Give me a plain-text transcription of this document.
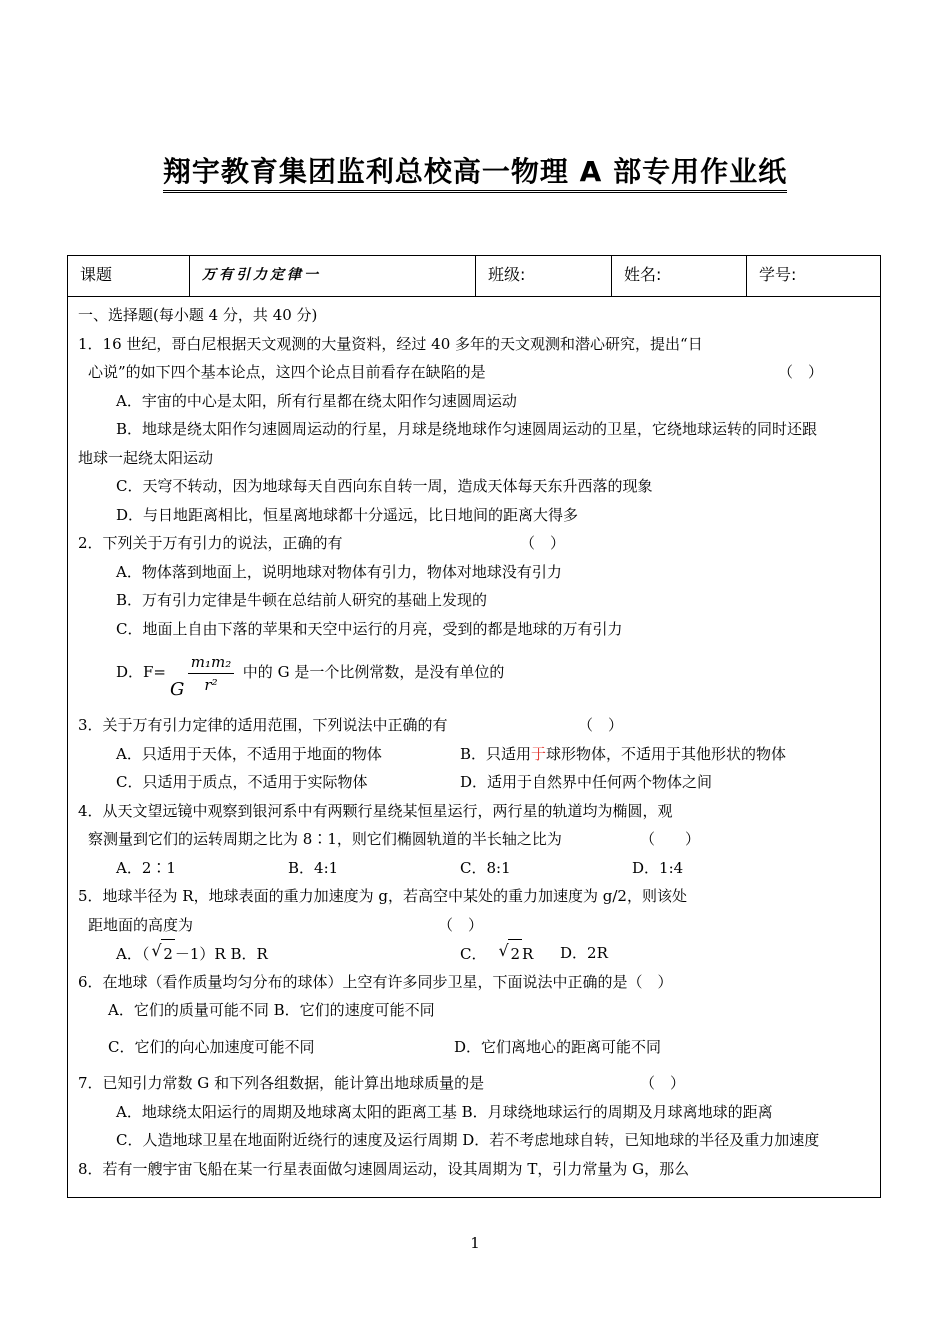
翔宇教育集团监利总校高一物理 A 部专用作业纸
课题	万有引力定律一	班级:	姓名:	学号:
一、选择题(每小题 4 分，共 40 分)
1．16 世纪，哥白尼根据天文观测的大量资料，经过 40 多年的天文观测和潜心研究，提出“日
心说”的如下四个基本论点，这四个论点目前看存在缺陷的是	（　）
A．宇宙的中心是太阳，所有行星都在绕太阳作匀速圆周运动
B．地球是绕太阳作匀速圆周运动的行星，月球是绕地球作匀速圆周运动的卫星，它绕地球运转的同时还跟
地球一起绕太阳运动
C．天穹不转动，因为地球每天自西向东自转一周，造成天体每天东升西落的现象
D．与日地距离相比，恒星离地球都十分遥远，比日地间的距离大得多
2．下列关于万有引力的说法，正确的有	（　）
A．物体落到地面上，说明地球对物体有引力，物体对地球没有引力
B．万有引力定律是牛顿在总结前人研究的基础上发现的
C．地面上自由下落的苹果和天空中运行的月亮，受到的都是地球的万有引力
D．F=
G $\frac{\text{m₁m₂}}{\text{r²}}$ 中的 G 是一个比例常数，是没有单位的
3．关于万有引力定律的适用范围，下列说法中正确的有	（　）
A．只适用于天体，不适用于地面的物体	B．只适用于球形物体，不适用于其他形状的物体
C．只适用于质点，不适用于实际物体	D．适用于自然界中任何两个物体之间
4．从天文望远镜中观察到银河系中有两颗行星绕某恒星运行，两行星的轨道均为椭圆，观
察测量到它们的运转周期之比为 8∶1，则它们椭圆轨道的半长轴之比为	（　　）
A．2∶1	B．4:1	C．8:1	D．1:4
5．地球半径为 R，地球表面的重力加速度为 g，若高空中某处的重力加速度为 g/2，则该处
距地面的高度为	（　）
A．（ √ 2 －1）R B．R	C． √ 2 R D．2R
6．在地球（看作质量均匀分布的球体）上空有许多同步卫星，下面说法中正确的是（　）
A．它们的质量可能不同 B．它们的速度可能不同
C．它们的向心加速度可能不同	D．它们离地心的距离可能不同
7．已知引力常数 G 和下列各组数据，能计算出地球质量的是	（　）
A．地球绕太阳运行的周期及地球离太阳的距离工基 B．月球绕地球运行的周期及月球离地球的距离
C．人造地球卫星在地面附近绕行的速度及运行周期 D．若不考虑地球自转，已知地球的半径及重力加速度
8．若有一艘宇宙飞船在某一行星表面做匀速圆周运动，设其周期为 T，引力常量为 G，那么
1
